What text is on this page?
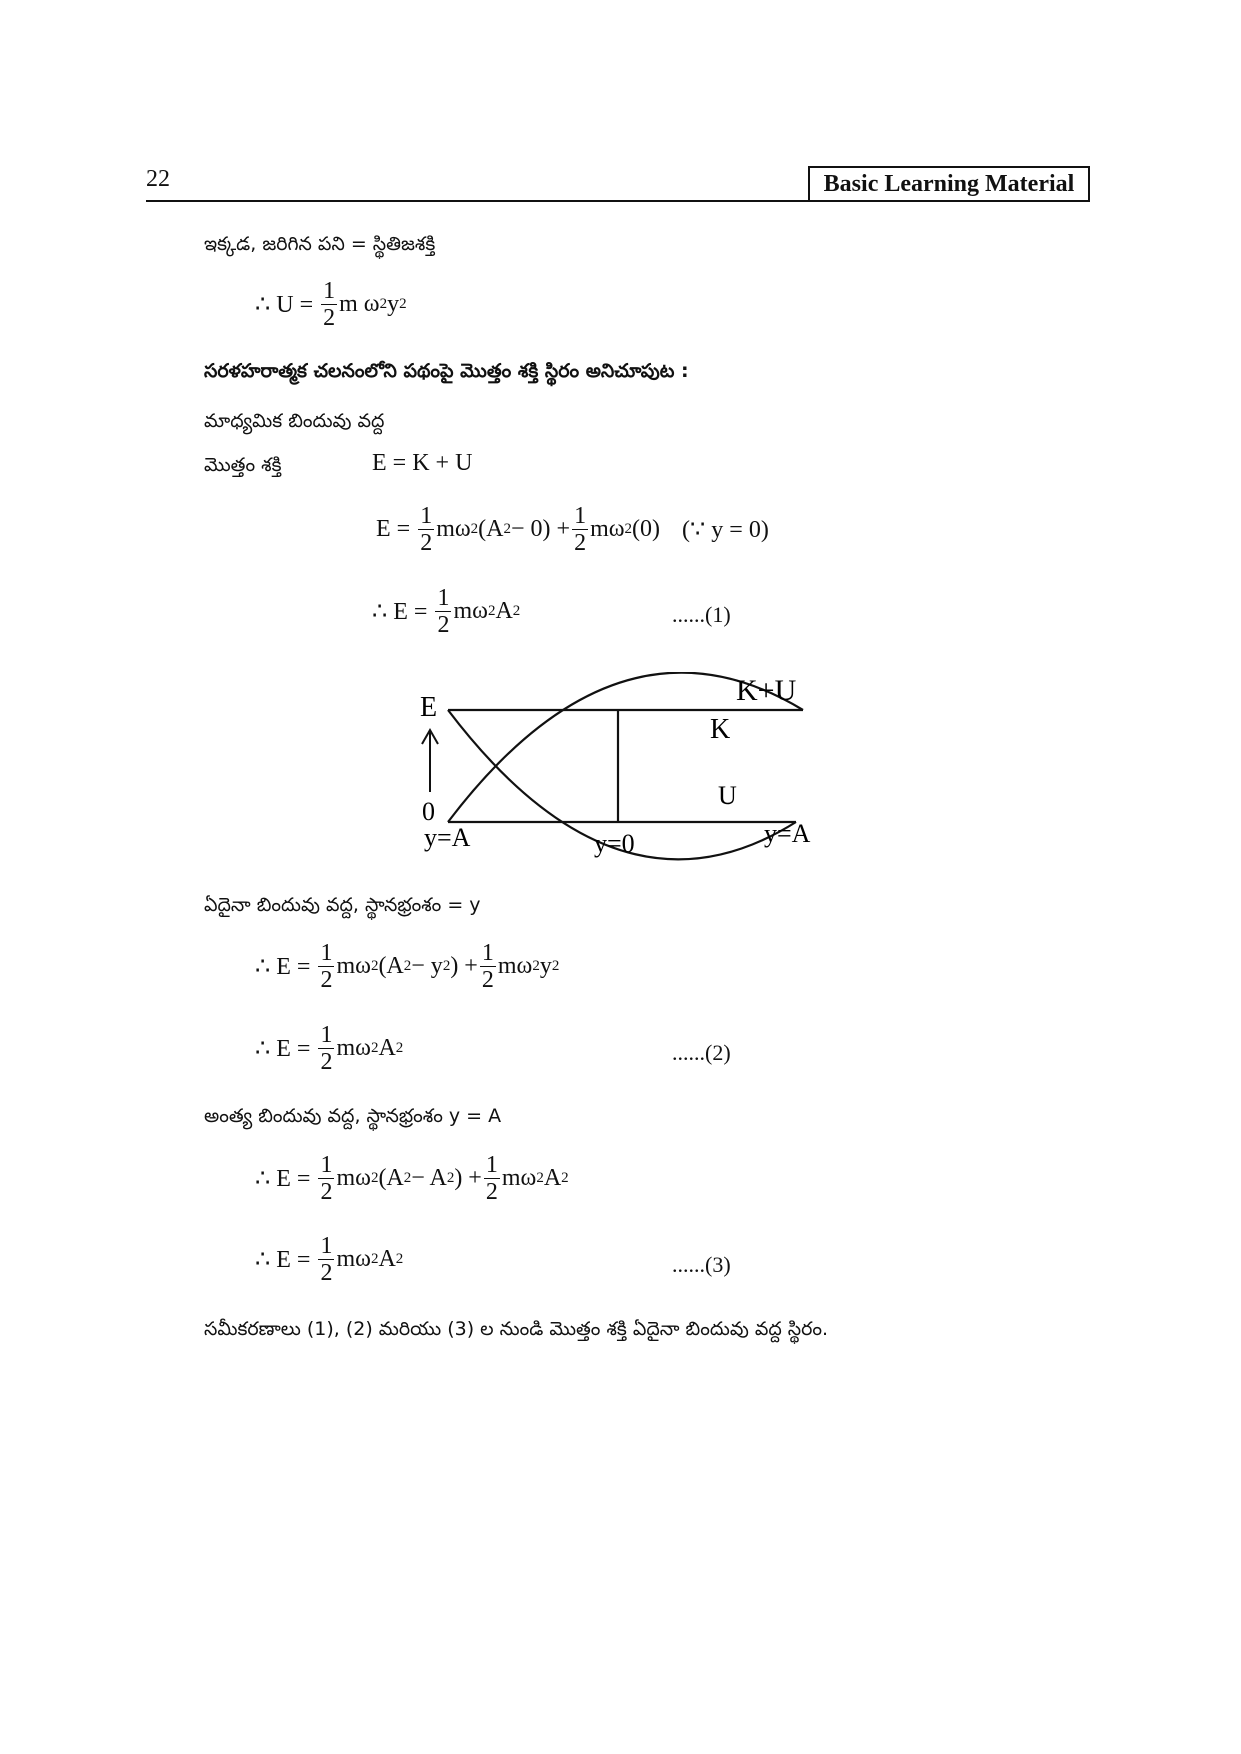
22	Basic Learning Material
ఇక్కడ, జరిగిన పని = స్థితిజశక్తి
∴ U =
$\frac{1}{2}$ m ω 2 y 2
సరళహరాత్మక చలనంలోని పథంపై మొత్తం శక్తి స్థిరం అనిచూపుట :
మాధ్యమిక బిందువు వద్ద
మొత్తం శక్తి	E = K + U
E =
$\frac{1}{2}$ mω 2 (A $2 - 0) + \frac{1}{2}$ mω 2 (0) (∵ y = 0)
∴ E =
$\frac{1}{2}$ mω 2 A 2	......(1)
E
0
K+U
K
U
y=A	y=0	y=A
ఏదైనా బిందువు వద్ద, స్థానభ్రంశం = y
∴ E =
$\frac{1}{2}$ mω 2 (A 2 − y 2 ) + $\frac{1}{2}$ mω 2 y 2
∴ E =
$\frac{1}{2}$ mω 2 A 2	......(2)
అంత్య బిందువు వద్ద, స్థానభ్రంశం y = A
∴ E =
$\frac{1}{2}$ mω 2 (A 2 − A 2 ) + $\frac{1}{2}$ mω 2 A 2
∴ E =
$\frac{1}{2}$ mω 2 A 2	......(3)
సమీకరణాలు (1), (2) మరియు (3) ల నుండి మొత్తం శక్తి ఏదైనా బిందువు వద్ద స్థిరం.
